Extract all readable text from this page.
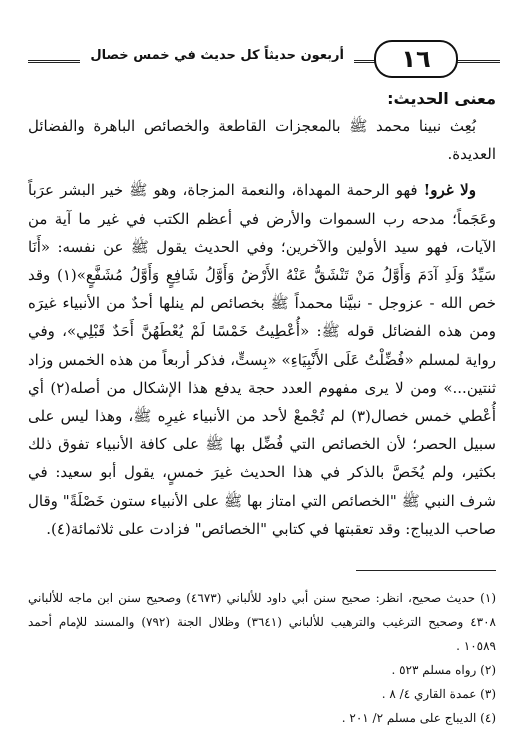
١٦
أربعون حديثاً كل حديث في خمس خصال
معنى الحديث:

بُعِث نبينا محمد ﷺ بالمعجزات القاطعة والخصائص الباهرة والفضائل العديدة.

ولا غرو! فهو الرحمة المهداة، والنعمة المزجاة، وهو ﷺ خير البشر عرَباً وعَجَماً؛ مدحه رب السموات والأرض في أعظم الكتب في غير ما آية من الآيات، فهو سيد الأولين والآخرين؛ وفي الحديث يقول ﷺ عن نفسه: «أَنَا سَيِّدُ وَلَدِ آدَمَ وَأَوَّلُ مَنْ تَنْشَقُّ عَنْهُ الأَرْضُ وَأَوَّلُ شَافِعٍ وَأَوَّلُ مُشَفَّعٍ»(١) وقد خص الله - عزوجل - نبيَّنا محمداً ﷺ بخصائص لم ينلها أحدٌ من الأنبياء غيرَه ومن هذه الفضائل قوله ﷺ: «أُعْطِيتُ خَمْسًا لَمْ يُعْطَهُنَّ أَحَدٌ قَبْلِي»، وفي رواية لمسلم «فُضِّلْتُ عَلَى الأَنْبِيَاءِ» «بِستٍّ، فذكر أربعاً من هذه الخمس وزاد ثنتين...» ومن لا يرى مفهوم العدد حجة يدفع هذا الإشكال من أصله(٢) أي أُعْطي خمس خصال(٣) لم تُجْمعْ لأحد من الأنبياء غيرِه ﷺ، وهذا ليس على سبيل الحصر؛ لأن الخصائص التي فُضِّل بها ﷺ على كافة الأنبياء تفوق ذلك بكثير، ولم يُخَصَّ بالذكر في هذا الحديث غيرَ خمسٍ، يقول أبو سعيد: في شرف النبي ﷺ "الخصائص التي امتاز بها ﷺ على الأنبياء ستون خَصْلَةً" وقال صاحب الديباج: وقد تعقبتها في كتابي "الخصائص" فزادت على ثلاثمائة(٤).

(١) حديث صحيح، انظر: صحيح سنن أبي داود للألباني (٤٦٧٣) وصحيح سنن ابن ماجه للألباني ٤٣٠٨ وصحيح الترغيب والترهيب للألباني (٣٦٤١) وظلال الجنة (٧٩٢) والمسند للإمام أحمد ١٠٥٨٩ .
(٢) رواه مسلم ٥٢٣ .
(٣) عمدة القاري ٤/ ٨ .
(٤) الديباج على مسلم ٢/ ٢٠١ .
